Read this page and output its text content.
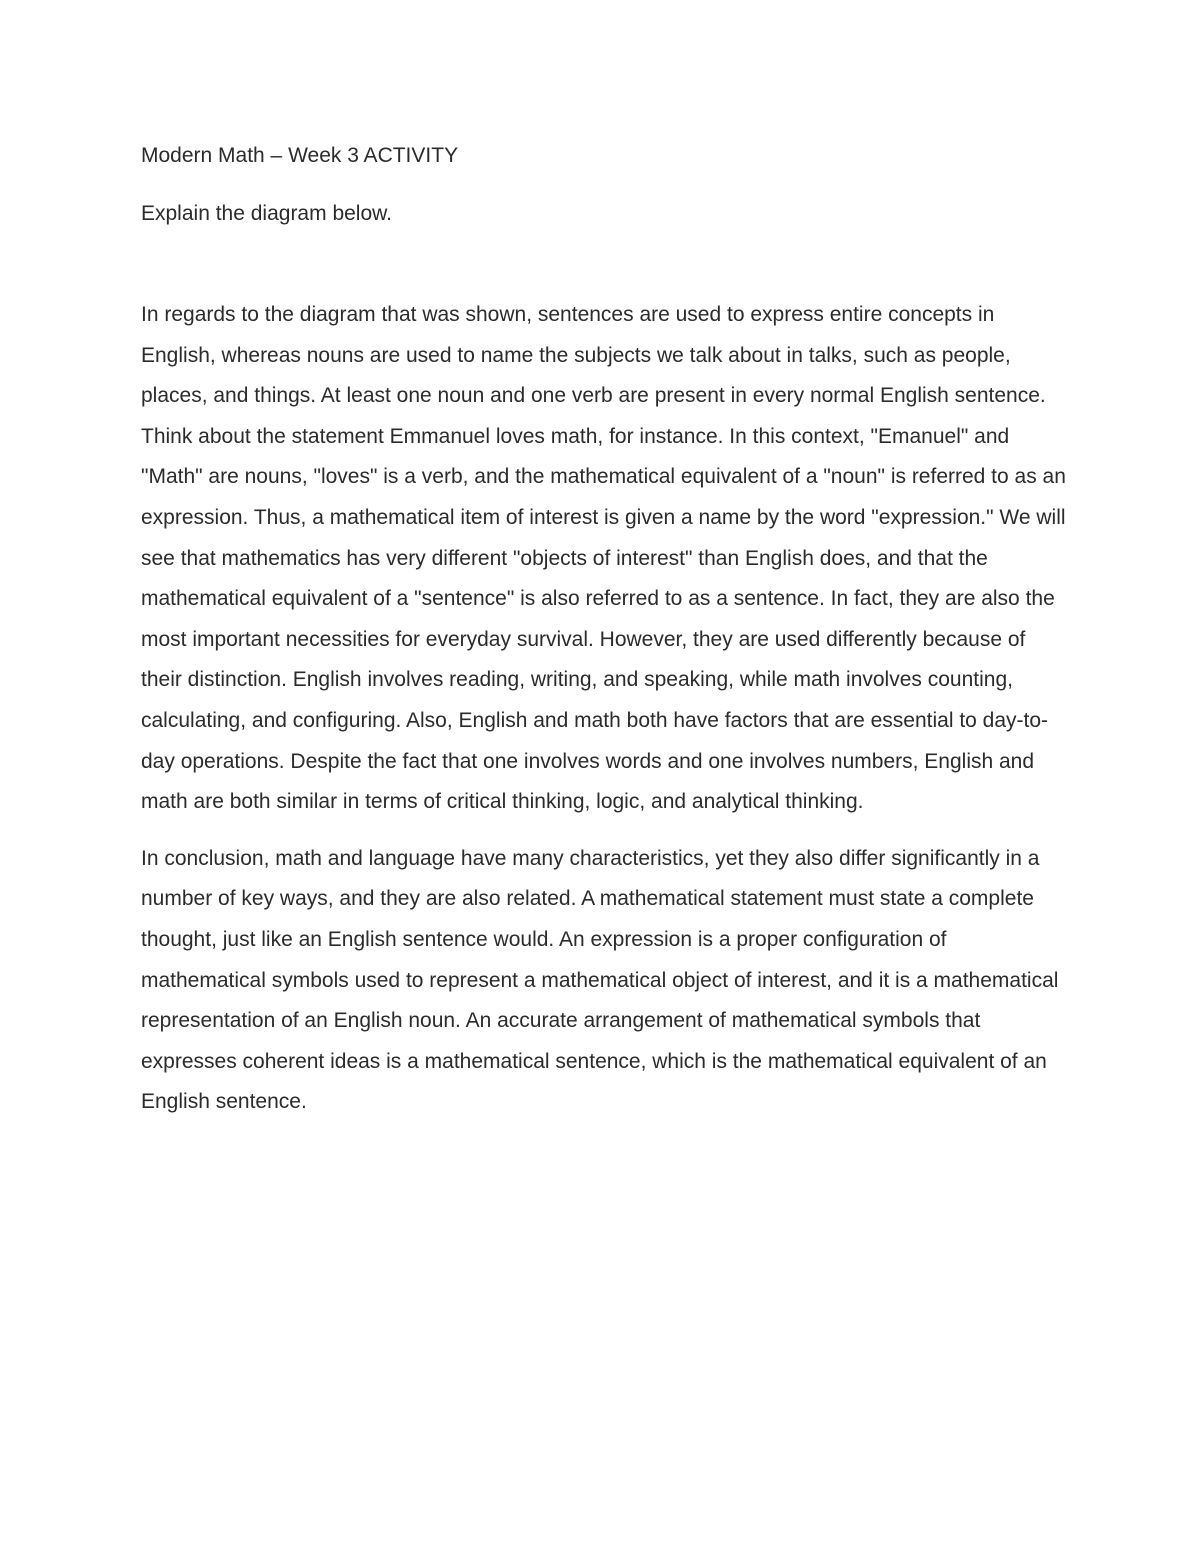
Modern Math – Week 3 ACTIVITY

Explain the diagram below.

In regards to the diagram that was shown, sentences are used to express entire concepts in English, whereas nouns are used to name the subjects we talk about in talks, such as people, places, and things. At least one noun and one verb are present in every normal English sentence. Think about the statement Emmanuel loves math, for instance. In this context, "Emanuel" and "Math" are nouns, "loves" is a verb, and the mathematical equivalent of a "noun" is referred to as an expression. Thus, a mathematical item of interest is given a name by the word "expression." We will see that mathematics has very different "objects of interest" than English does, and that the mathematical equivalent of a "sentence" is also referred to as a sentence. In fact, they are also the most important necessities for everyday survival. However, they are used differently because of their distinction. English involves reading, writing, and speaking, while math involves counting, calculating, and configuring. Also, English and math both have factors that are essential to day-to-day operations. Despite the fact that one involves words and one involves numbers, English and math are both similar in terms of critical thinking, logic, and analytical thinking.

In conclusion, math and language have many characteristics, yet they also differ significantly in a number of key ways, and they are also related. A mathematical statement must state a complete thought, just like an English sentence would. An expression is a proper configuration of mathematical symbols used to represent a mathematical object of interest, and it is a mathematical representation of an English noun. An accurate arrangement of mathematical symbols that expresses coherent ideas is a mathematical sentence, which is the mathematical equivalent of an English sentence.
